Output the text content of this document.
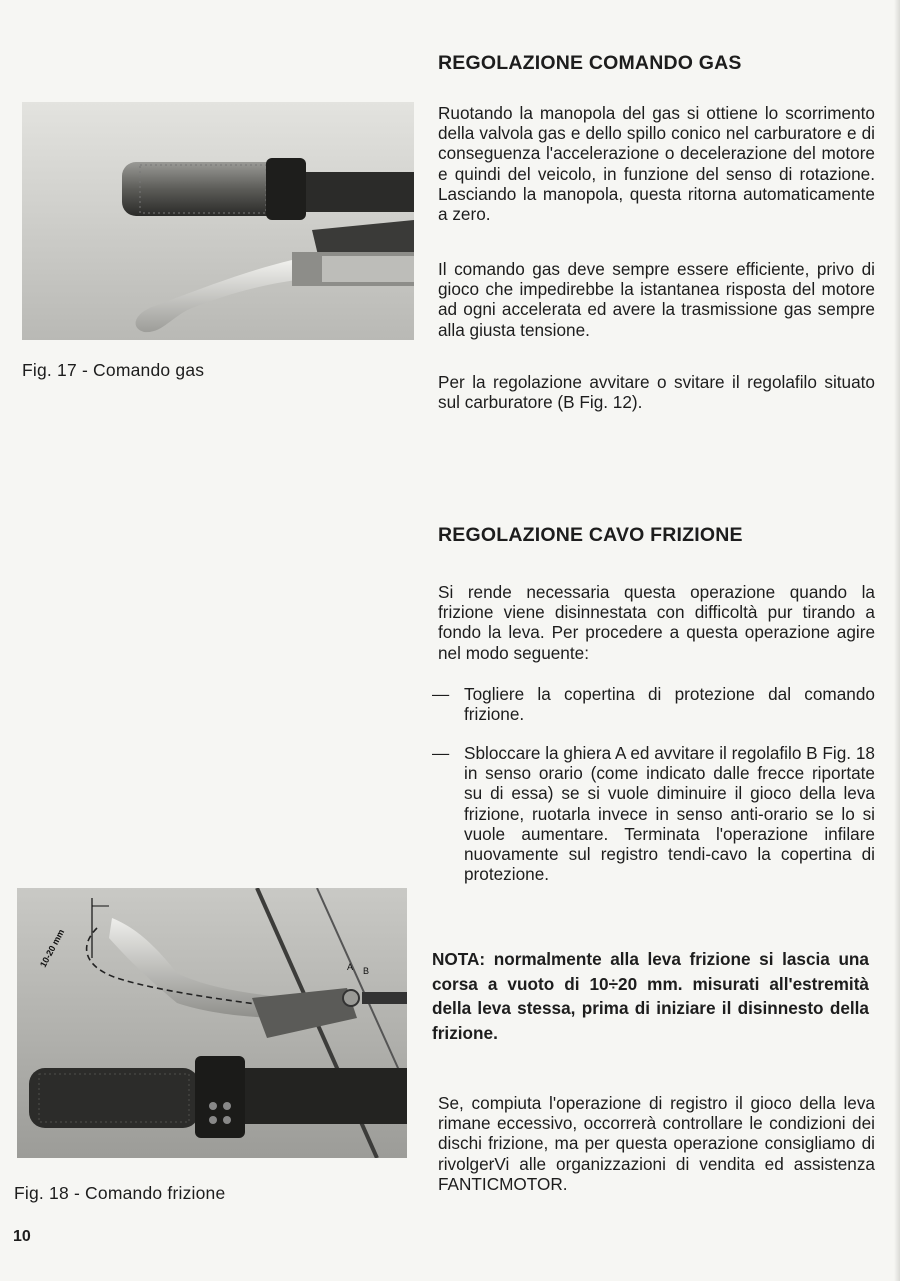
Fig. 17 - Comando gas
10-20 mm	A B
Fig. 18 - Comando frizione
REGOLAZIONE COMANDO GAS

Ruotando la manopola del gas si ottiene lo scorrimento della valvola gas e dello spillo conico nel carburatore e di conseguenza l'accelerazione o decelerazione del motore e quindi del veicolo, in funzione del senso di rotazione. Lasciando la manopola, questa ritorna automaticamente a zero.

Il comando gas deve sempre essere efficiente, privo di gioco che impedirebbe la istantanea risposta del motore ad ogni accelerata ed avere la trasmissione gas sempre alla giusta tensione.

Per la regolazione avvitare o svitare il regolafilo situato sul carburatore (B Fig. 12).

REGOLAZIONE CAVO FRIZIONE

Si rende necessaria questa operazione quando la frizione viene disinnestata con difficoltà pur tirando a fondo la leva. Per procedere a questa operazione agire nel modo seguente:

— Togliere la copertina di protezione dal comando frizione.
— Sbloccare la ghiera A ed avvitare il regolafilo B Fig. 18 in senso orario (come indicato dalle frecce riportate su di essa) se si vuole diminuire il gioco della leva frizione, ruotarla invece in senso anti-orario se lo si vuole aumentare. Terminata l'operazione infilare nuovamente sul registro tendi-cavo la copertina di protezione.

NOTA: normalmente alla leva frizione si lascia una corsa a vuoto di 10÷20 mm. misurati all'estremità della leva stessa, prima di iniziare il disinnesto della frizione.

Se, compiuta l'operazione di registro il gioco della leva rimane eccessivo, occorrerà controllare le condizioni dei dischi frizione, ma per questa operazione consigliamo di rivolgerVi alle organizzazioni di vendita ed assistenza FANTICMOTOR.

10
